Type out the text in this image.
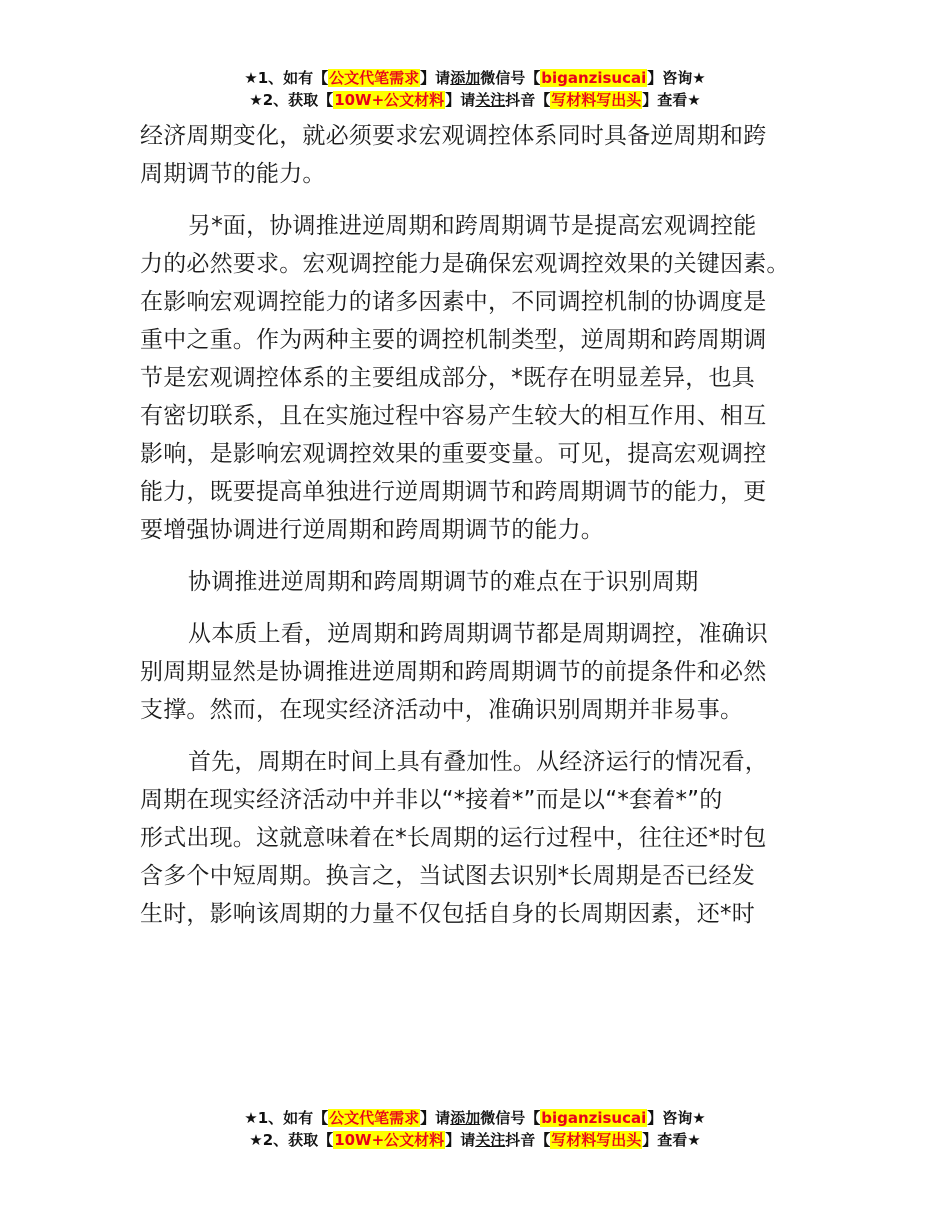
★1、如有【公文代笔需求】请添加微信号【biganzisucai】咨询★
★2、获取【10W+公文材料】请关注抖音【写材料写出头】查看★

经济周期变化，就必须要求宏观调控体系同时具备逆周期和跨
周期调节的能力。

另*面，协调推进逆周期和跨周期调节是提高宏观调控能
力的必然要求。宏观调控能力是确保宏观调控效果的关键因素。
在影响宏观调控能力的诸多因素中，不同调控机制的协调度是
重中之重。作为两种主要的调控机制类型，逆周期和跨周期调
节是宏观调控体系的主要组成部分，*既存在明显差异，也具
有密切联系，且在实施过程中容易产生较大的相互作用、相互
影响，是影响宏观调控效果的重要变量。可见，提高宏观调控
能力，既要提高单独进行逆周期调节和跨周期调节的能力，更
要增强协调进行逆周期和跨周期调节的能力。

协调推进逆周期和跨周期调节的难点在于识别周期

从本质上看，逆周期和跨周期调节都是周期调控，准确识
别周期显然是协调推进逆周期和跨周期调节的前提条件和必然
支撑。然而，在现实经济活动中，准确识别周期并非易事。

首先，周期在时间上具有叠加性。从经济运行的情况看，
周期在现实经济活动中并非以“*接着*”而是以“*套着*”的
形式出现。这就意味着在*长周期的运行过程中，往往还*时包
含多个中短周期。换言之，当试图去识别*长周期是否已经发
生时，影响该周期的力量不仅包括自身的长周期因素，还*时

★1、如有【公文代笔需求】请添加微信号【biganzisucai】咨询★
★2、获取【10W+公文材料】请关注抖音【写材料写出头】查看★
